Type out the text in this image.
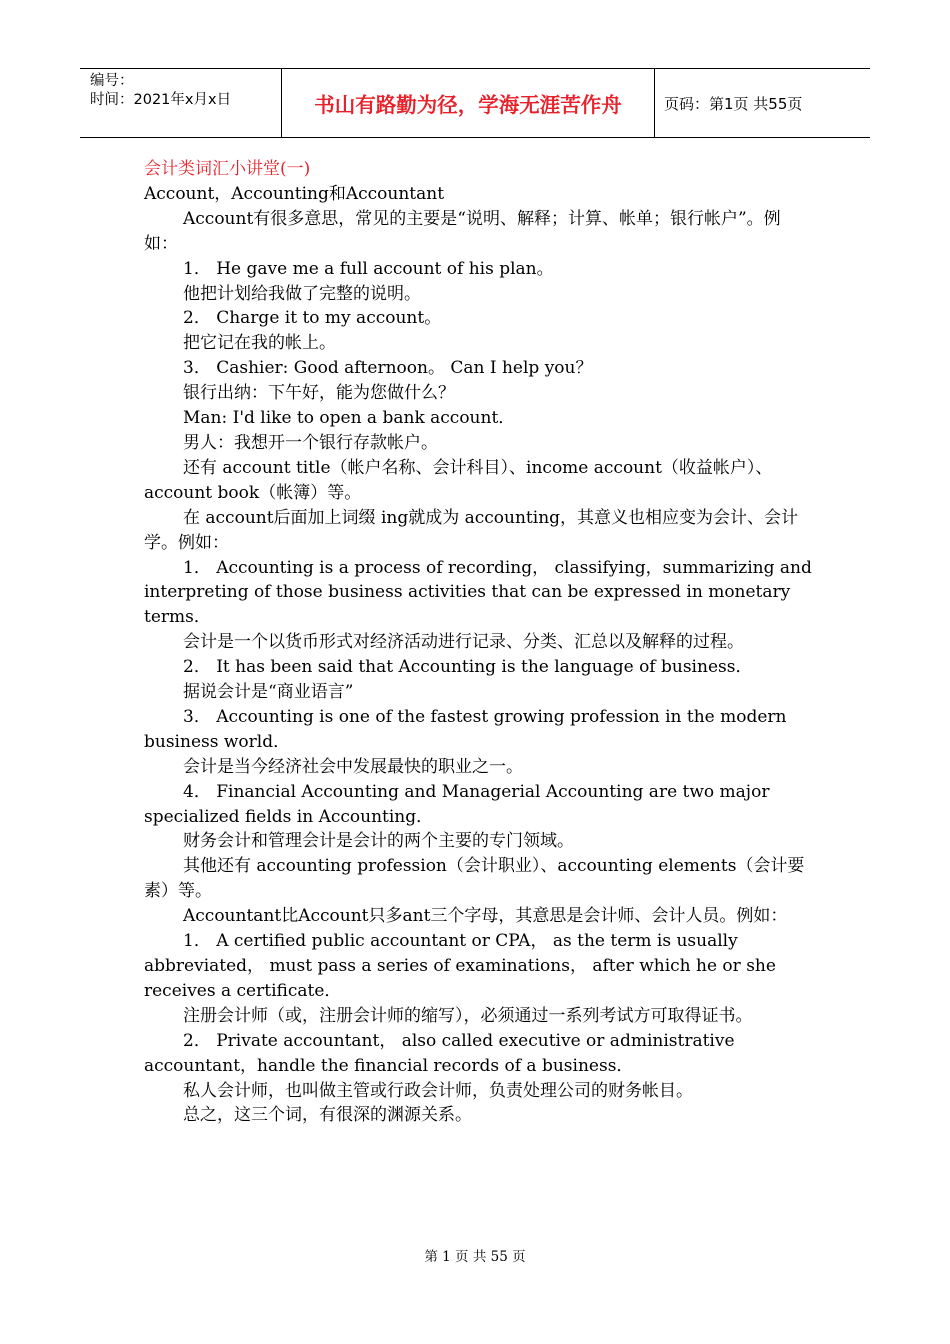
编号：
时间：2021年x月x日	书山有路勤为径，学海无涯苦作舟	页码：第1页 共55页

会计类词汇小讲堂(一)

Account，Accounting和Accountant

Account有很多意思，常见的主要是“说明、解释；计算、帐单；银行帐户”。例如：

1． He gave me a full account of his plan。

他把计划给我做了完整的说明。

2． Charge it to my account。

把它记在我的帐上。

3． Cashier: Good afternoon。 Can I help you？

银行出纳：下午好，能为您做什么？

Man: I'd like to open a bank account．

男人：我想开一个银行存款帐户。

还有 account title（帐户名称、会计科目）、income account（收益帐户）、account book（帐簿）等。

在 account后面加上词缀 ing就成为 accounting，其意义也相应变为会计、会计学。例如：

1． Accounting is a process of recording， classifying，summarizing and interpreting of those business activities that can be expressed in monetary terms．

会计是一个以货币形式对经济活动进行记录、分类、汇总以及解释的过程。

2． It has been said that Accounting is the language of business．

据说会计是“商业语言”

3． Accounting is one of the fastest growing profession in the modern business world．

会计是当今经济社会中发展最快的职业之一。

4． Financial Accounting and Managerial Accounting are two major specialized fields in Accounting．

财务会计和管理会计是会计的两个主要的专门领域。

其他还有 accounting profession（会计职业）、accounting elements（会计要素）等。

Accountant比Account只多ant三个字母，其意思是会计师、会计人员。例如：

1． A certified public accountant or CPA， as the term is usually abbreviated， must pass a series of examinations， after which he or she receives a certificate．

注册会计师（或，注册会计师的缩写），必须通过一系列考试方可取得证书。

2． Private accountant， also called executive or administrative accountant，handle the financial records of a business．

私人会计师，也叫做主管或行政会计师，负责处理公司的财务帐目。

总之，这三个词，有很深的渊源关系。

第 1 页 共 55 页
